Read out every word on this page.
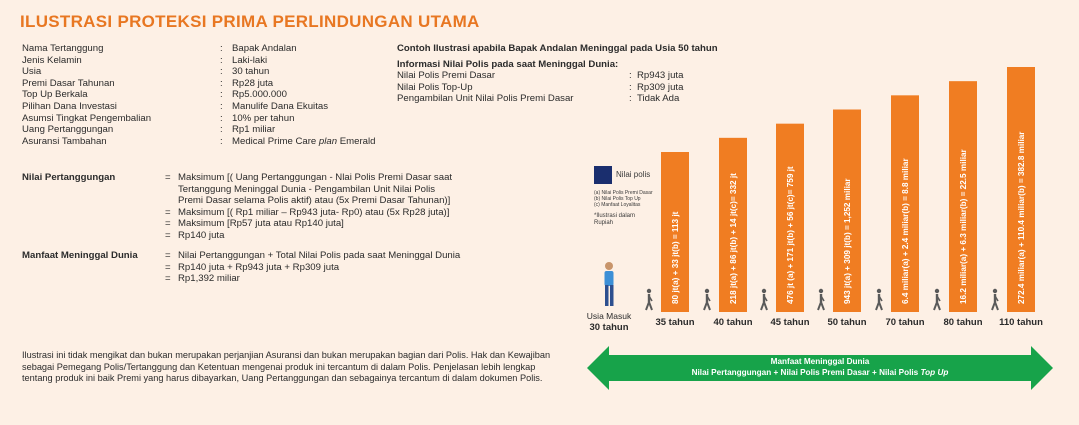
ILUSTRASI PROTEKSI PRIMA PERLINDUNGAN UTAMA
Nama Tertanggung	: Bapak Andalan
Jenis Kelamin	: Laki-laki
Usia	: 30 tahun
Premi Dasar Tahunan	: Rp28 juta
Top Up Berkala	: Rp5.000.000
Pilihan Dana Investasi	: Manulife Dana Ekuitas
Asumsi Tingkat Pengembalian	: 10% per tahun
Uang Pertanggungan	: Rp1 miliar
Asuransi Tambahan	: Medical Prime Care plan Emerald
Nilai Pertanggungan	= Maksimum [( Uang Pertanggungan - Nlai Polis Premi Dasar saat
Tertanggung Meninggal Dunia - Pengambilan Unit Nilai Polis
Premi Dasar selama Polis aktif) atau (5x Premi Dasar Tahunan)]
= Maksimum [( Rp1 miliar – Rp943 juta- Rp0) atau (5x Rp28 juta)]
= Maksimum [Rp57 juta atau Rp140 juta]
= Rp140 juta
Manfaat Meninggal Dunia	= Nilai Pertanggungan + Total Nilai Polis pada saat Meninggal Dunia
= Rp140 juta + Rp943 juta + Rp309 juta
= Rp1,392 miliar
Contoh Ilustrasi apabila Bapak Andalan Meninggal pada Usia 50 tahun
Informasi Nilai Polis pada saat Meninggal Dunia:
Nilai Polis Premi Dasar	: Rp943 juta
Nilai Polis Top-Up	: Rp309 juta
Pengambilan Unit Nilai Polis Premi Dasar	: Tidak Ada
80 jt(a) + 33 jt(b) = 113 jt
35 tahun
218 jt(a) + 86 jt(b) + 14 jt(c)= 332 jt
40 tahun
476 jt (a) + 171 jt(b) + 56 jt(c)= 759 jt
45 tahun
943 jt(a) + 309 jt(b) = 1,252 miliar
50 tahun
6.4 miliar(a) + 2.4 miliar(b) = 8.8 miliar
70 tahun
16.2 miliar(a) + 6.3 miliar(b) = 22.5 miliar
80 tahun
272.4 miliar(a) + 110.4 miliar(b) = 382.8 miliar
110 tahun
Usia Masuk
30 tahun
Manfaat Meninggal Dunia
Nilai Pertanggungan + Nilai Polis Premi Dasar + Nilai Polis Top Up
Nilai polis
(a) Nilai Polis Premi Dasar
(b) Nilai Polis Top Up
(c) Manfaat Loyalitas
*Ilustrasi dalam
Rupiah
Ilustrasi ini tidak mengikat dan bukan merupakan perjanjian Asuransi dan bukan merupakan bagian dari Polis. Hak dan Kewajiban sebagai Pemegang Polis/Tertanggung dan Ketentuan mengenai produk ini tercantum di dalam Polis. Penjelasan lebih lengkap tentang produk ini baik Premi yang harus dibayarkan, Uang Pertanggungan dan sebagainya tercantum di dalam dokumen Polis.
